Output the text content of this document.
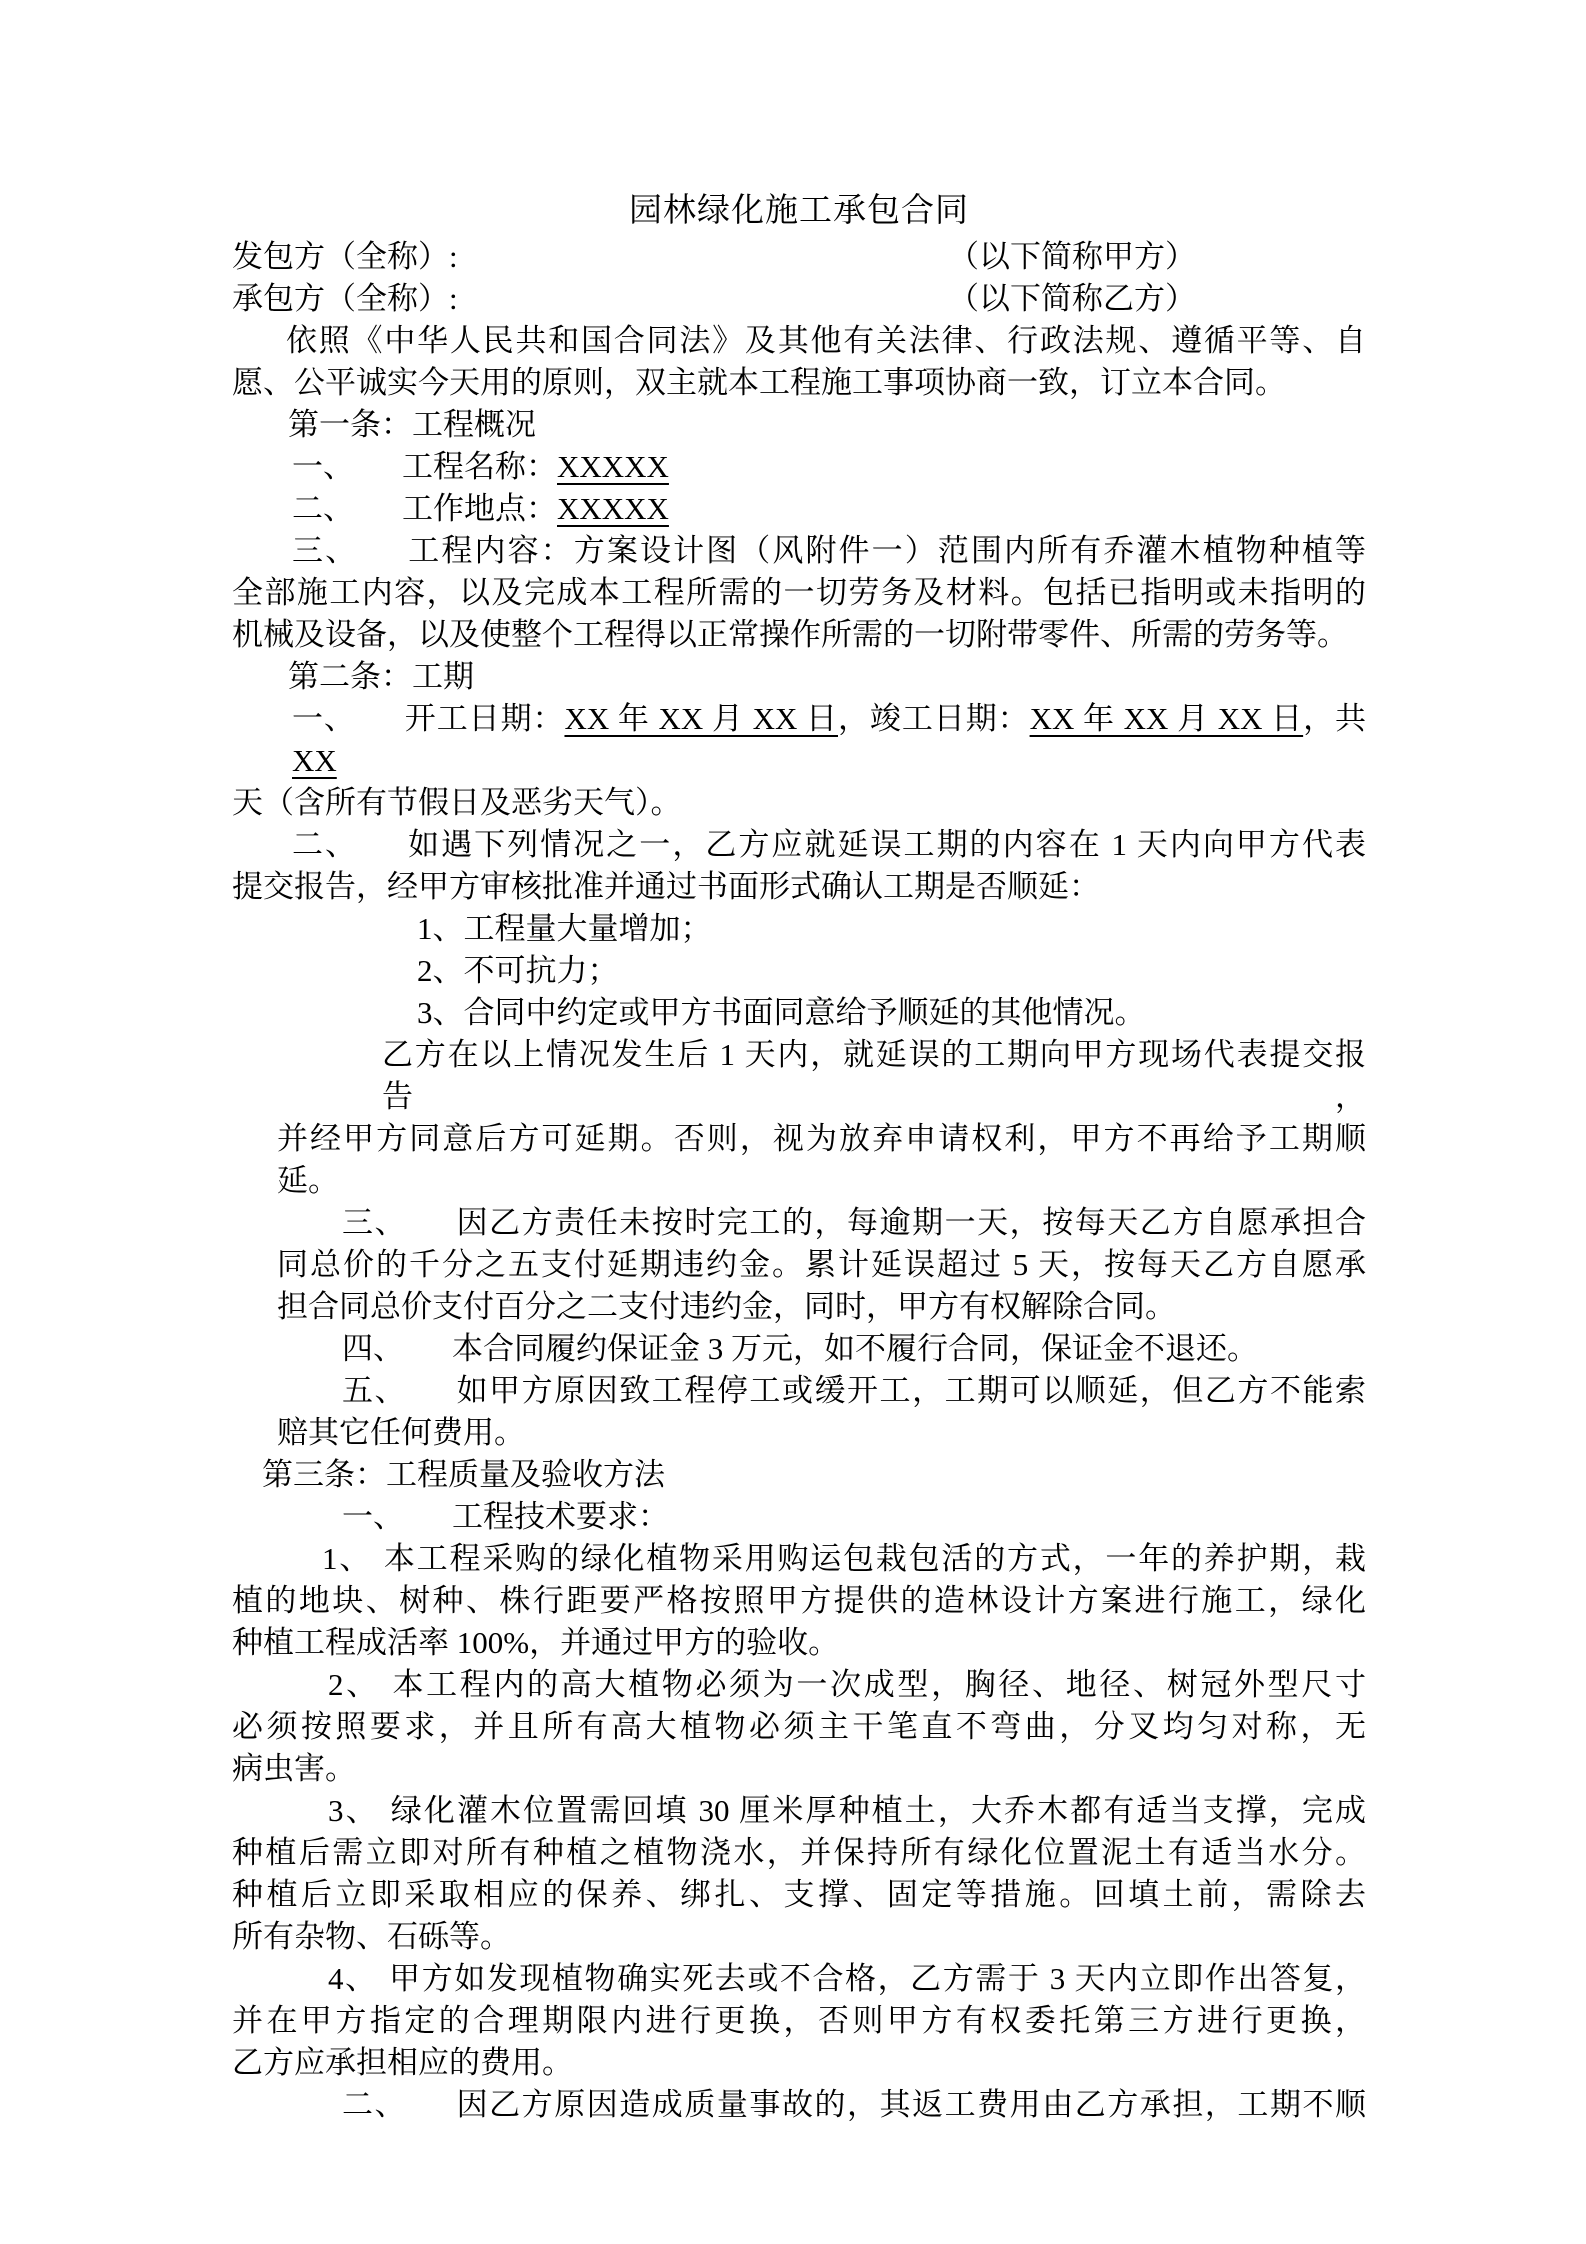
园林绿化施工承包合同
发包方（全称）:	（以下简称甲方）
承包方（全称）:	（以下简称乙方）
依照《中华人民共和国合同法》及其他有关法律、行政法规、遵循平等、自
愿、公平诚实今天用的原则，双主就本工程施工事项协商一致，订立本合同。
第一条：工程概况
一、 工程名称：XXXXX
二、 工作地点：XXXXX
三、 工程内容：方案设计图（风附件一）范围内所有乔灌木植物种植等
全部施工内容，以及完成本工程所需的一切劳务及材料。包括已指明或未指明的
机械及设备，以及使整个工程得以正常操作所需的一切附带零件、所需的劳务等。
第二条：工期
一、 开工日期：XX 年 XX 月 XX 日，竣工日期：XX 年 XX 月 XX 日，共 XX
天（含所有节假日及恶劣天气）。
二、 如遇下列情况之一，乙方应就延误工期的内容在 1 天内向甲方代表
提交报告，经甲方审核批准并通过书面形式确认工期是否顺延：
1、工程量大量增加；
2、不可抗力；
3、合同中约定或甲方书面同意给予顺延的其他情况。
乙方在以上情况发生后 1 天内，就延误的工期向甲方现场代表提交报告，
并经甲方同意后方可延期。否则，视为放弃申请权利，甲方不再给予工期顺
延。
三、 因乙方责任未按时完工的，每逾期一天，按每天乙方自愿承担合
同总价的千分之五支付延期违约金。累计延误超过 5 天，按每天乙方自愿承
担合同总价支付百分之二支付违约金，同时，甲方有权解除合同。
四、 本合同履约保证金 3 万元，如不履行合同，保证金不退还。
五、 如甲方原因致工程停工或缓开工，工期可以顺延，但乙方不能索
赔其它任何费用。
第三条：工程质量及验收方法
一、 工程技术要求：
1、 本工程采购的绿化植物采用购运包栽包活的方式，一年的养护期，栽
植的地块、树种、株行距要严格按照甲方提供的造林设计方案进行施工，绿化
种植工程成活率 100%，并通过甲方的验收。
2、 本工程内的高大植物必须为一次成型，胸径、地径、树冠外型尺寸
必须按照要求，并且所有高大植物必须主干笔直不弯曲，分叉均匀对称，无
病虫害。
3、 绿化灌木位置需回填 30 厘米厚种植土，大乔木都有适当支撑，完成
种植后需立即对所有种植之植物浇水，并保持所有绿化位置泥土有适当水分。
种植后立即采取相应的保养、绑扎、支撑、固定等措施。回填土前，需除去
所有杂物、石砾等。
4、 甲方如发现植物确实死去或不合格，乙方需于 3 天内立即作出答复，
并在甲方指定的合理期限内进行更换，否则甲方有权委托第三方进行更换，
乙方应承担相应的费用。
二、 因乙方原因造成质量事故的，其返工费用由乙方承担，工期不顺
